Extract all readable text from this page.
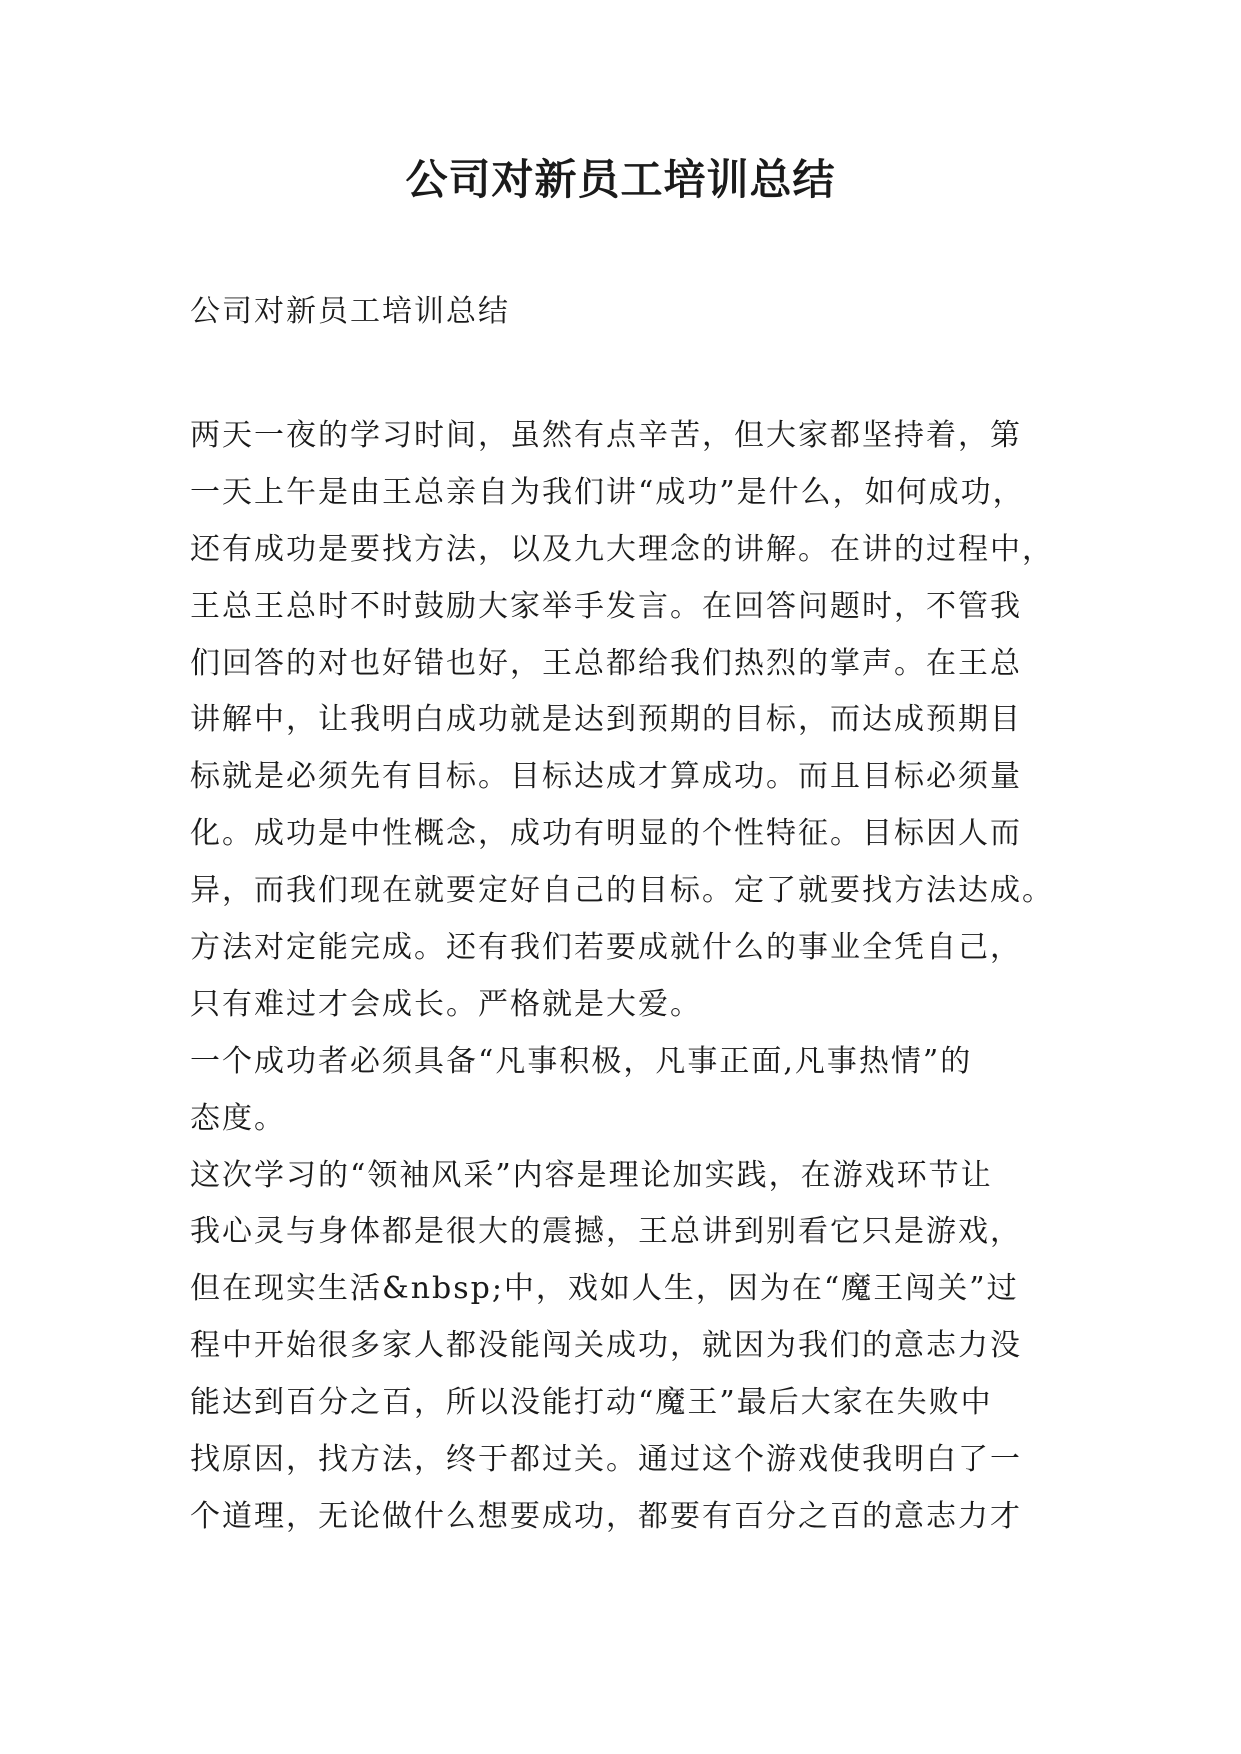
公司对新员工培训总结

公司对新员工培训总结

两天一夜的学习时间，虽然有点辛苦，但大家都坚持着，第
一天上午是由王总亲自为我们讲“成功”是什么，如何成功，
还有成功是要找方法，以及九大理念的讲解。在讲的过程中，
王总王总时不时鼓励大家举手发言。在回答问题时，不管我
们回答的对也好错也好，王总都给我们热烈的掌声。在王总
讲解中，让我明白成功就是达到预期的目标，而达成预期目
标就是必须先有目标。目标达成才算成功。而且目标必须量
化。成功是中性概念，成功有明显的个性特征。目标因人而
异，而我们现在就要定好自己的目标。定了就要找方法达成。
方法对定能完成。还有我们若要成就什么的事业全凭自己，
只有难过才会成长。严格就是大爱。
一个成功者必须具备“凡事积极，凡事正面,凡事热情”的
态度。
这次学习的“领袖风采”内容是理论加实践，在游戏环节让
我心灵与身体都是很大的震撼，王总讲到别看它只是游戏，
但在现实生活&nbsp;中，戏如人生，因为在“魔王闯关”过
程中开始很多家人都没能闯关成功，就因为我们的意志力没
能达到百分之百，所以没能打动“魔王”最后大家在失败中
找原因，找方法，终于都过关。通过这个游戏使我明白了一
个道理，无论做什么想要成功，都要有百分之百的意志力才
